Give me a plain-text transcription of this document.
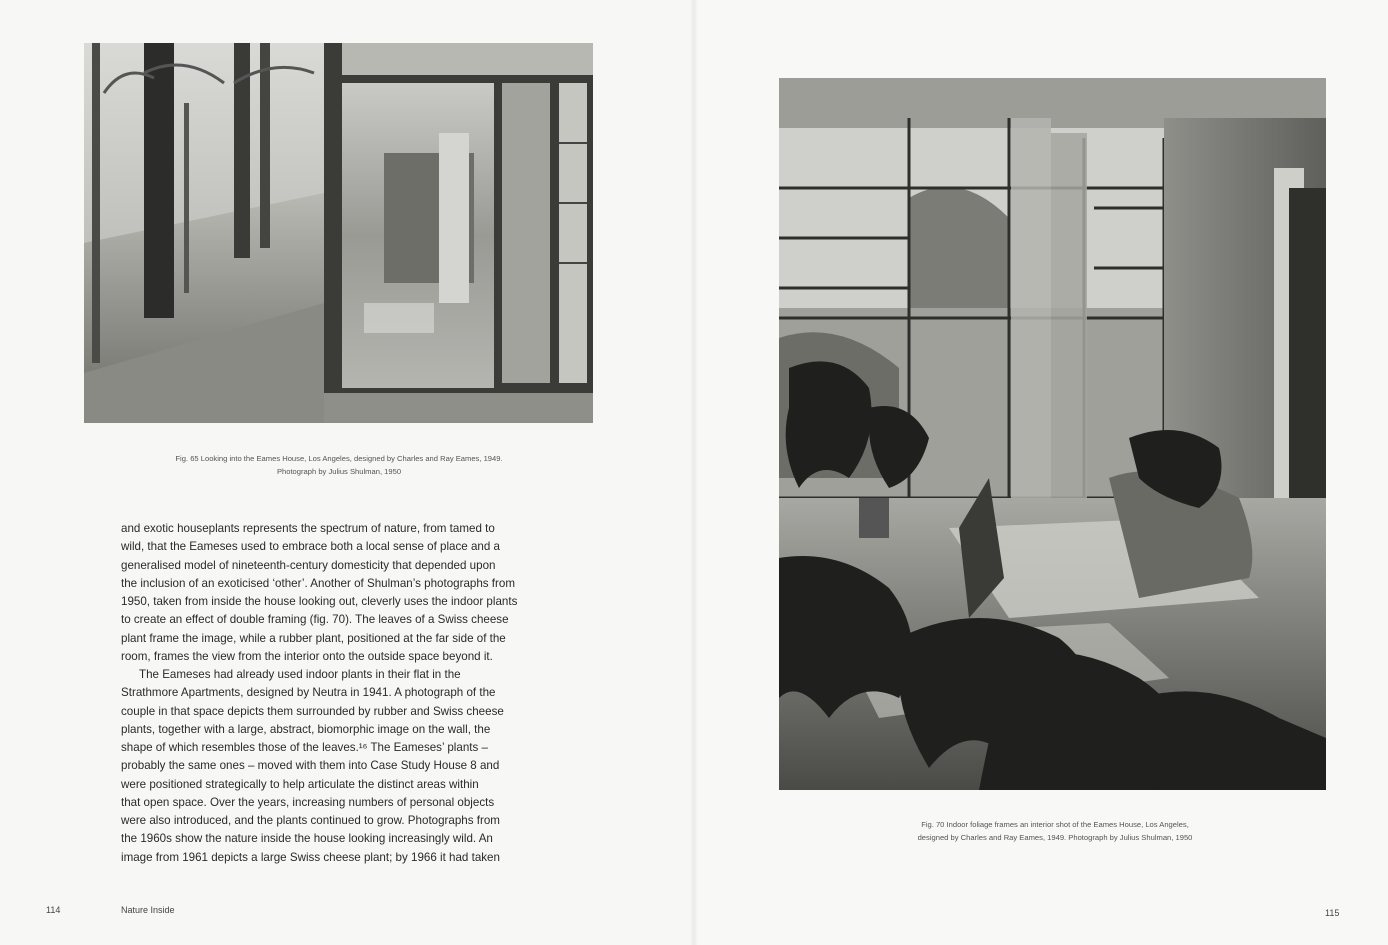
Fig. 65 Looking into the Eames House, Los Angeles, designed by Charles and Ray Eames, 1949.
Photograph by Julius Shulman, 1950
and exotic houseplants represents the spectrum of nature, from tamed to
wild, that the Eameses used to embrace both a local sense of place and a
generalised model of nineteenth-century domesticity that depended upon
the inclusion of an exoticised ‘other’. Another of Shulman’s photographs from
1950, taken from inside the house looking out, cleverly uses the indoor plants
to create an effect of double framing (fig. 70). The leaves of a Swiss cheese
plant frame the image, while a rubber plant, positioned at the far side of the
room, frames the view from the interior onto the outside space beyond it.
The Eameses had already used indoor plants in their flat in the
Strathmore Apartments, designed by Neutra in 1941. A photograph of the
couple in that space depicts them surrounded by rubber and Swiss cheese
plants, together with a large, abstract, biomorphic image on the wall, the
shape of which resembles those of the leaves.¹⁶ The Eameses’ plants –
probably the same ones – moved with them into Case Study House 8 and
were positioned strategically to help articulate the distinct areas within
that open space. Over the years, increasing numbers of personal objects
were also introduced, and the plants continued to grow. Photographs from
the 1960s show the nature inside the house looking increasingly wild. An
image from 1961 depicts a large Swiss cheese plant; by 1966 it had taken
Fig. 70 Indoor foliage frames an interior shot of the Eames House, Los Angeles,
designed by Charles and Ray Eames, 1949. Photograph by Julius Shulman, 1950
114	Nature Inside	115
